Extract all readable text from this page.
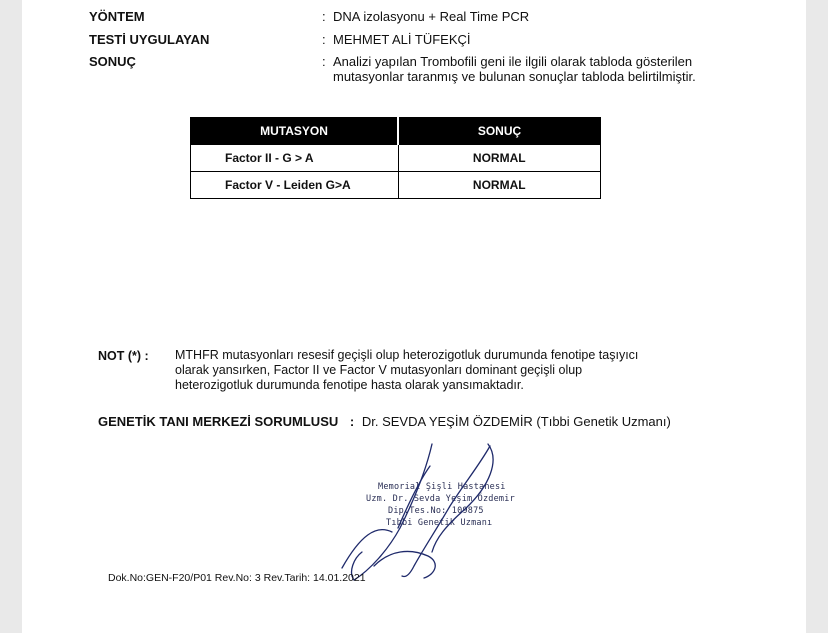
YÖNTEM	: DNA izolasyonu + Real Time PCR
TESTİ UYGULAYAN	: MEHMET ALİ TÜFEKÇİ
SONUÇ	: Analizi yapılan Trombofili geni ile ilgili olarak tabloda gösterilen
mutasyonlar taranmış ve bulunan sonuçlar tabloda belirtilmiştir.
MUTASYON	SONUÇ
Factor II - G > A	NORMAL
Factor V - Leiden G>A	NORMAL
NOT (*) : MTHFR mutasyonları resesif geçişli olup heterozigotluk durumunda fenotipe taşıyıcı
olarak yansırken, Factor II ve Factor V mutasyonları dominant geçişli olup
heterozigotluk durumunda fenotipe hasta olarak yansımaktadır.
GENETİK TANI MERKEZİ SORUMLUSU : Dr. SEVDA YEŞİM ÖZDEMİR (Tıbbi Genetik Uzmanı)
Memorial Şişli Hastanesi
Uzm. Dr. Sevda Yeşim Özdemir
Dip.Tes.No: 109875
Tıbbi Genetik Uzmanı
Dok.No:GEN-F20/P01 Rev.No: 3 Rev.Tarih: 14.01.2021
